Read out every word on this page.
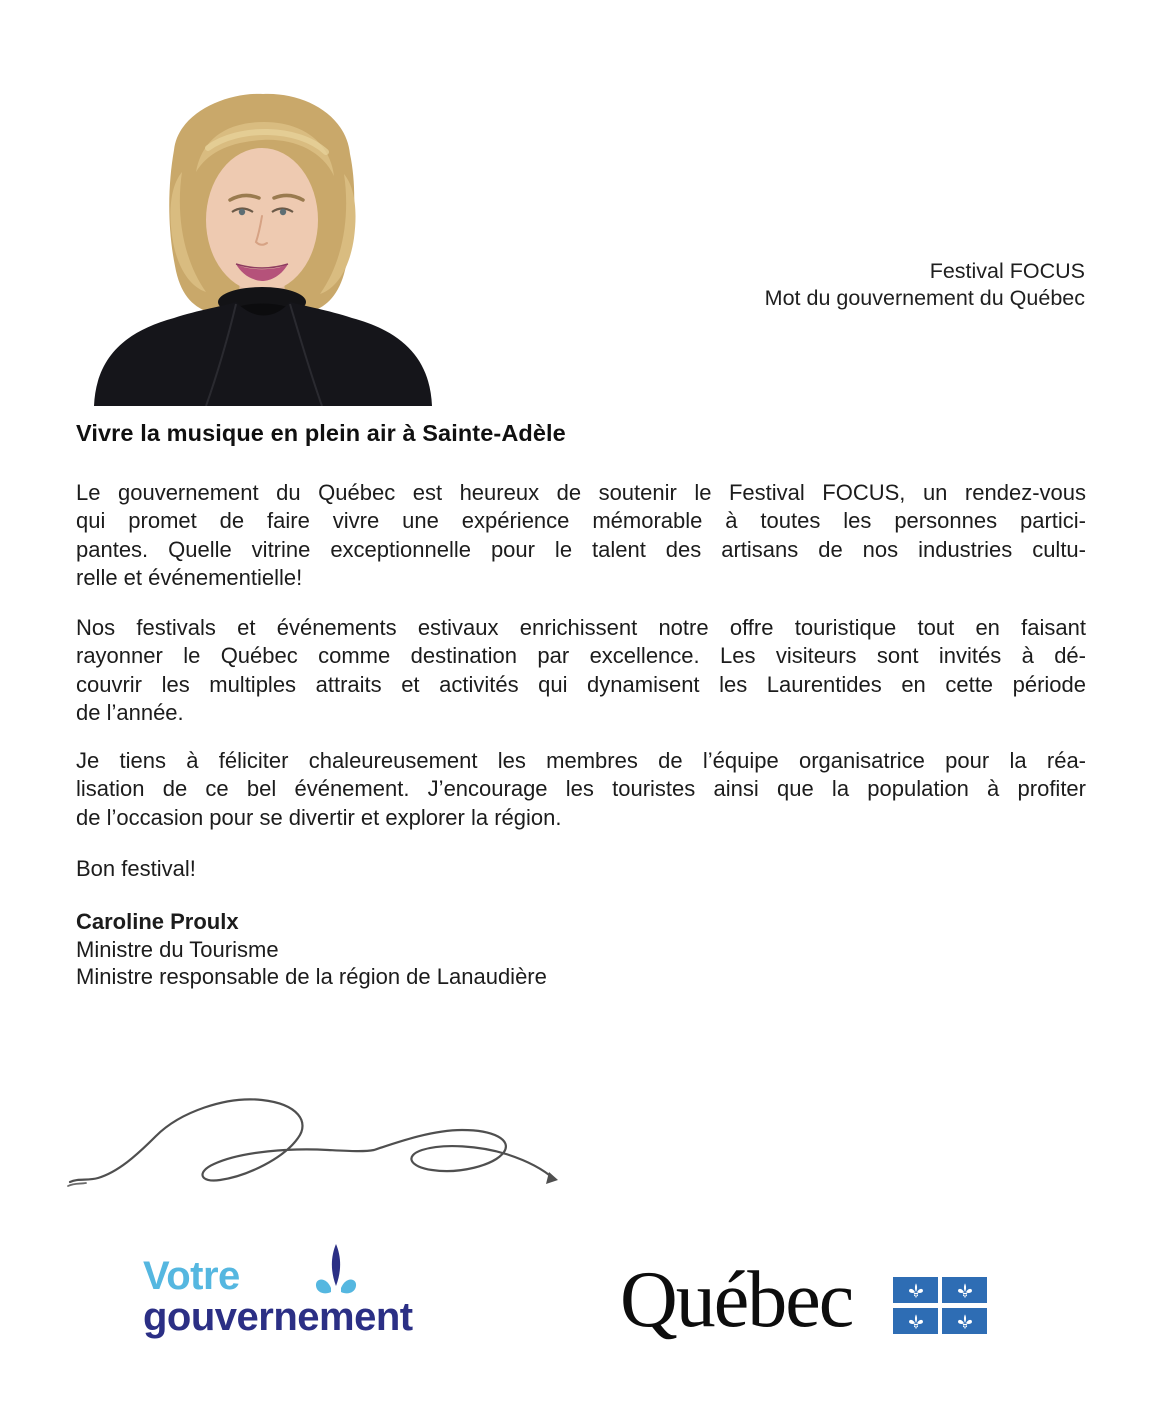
Festival FOCUS
Mot du gouvernement du Québec
Vivre la musique en plein air à Sainte-Adèle
Le gouvernement du Québec est heureux de soutenir le Festival FOCUS, un rendez-vous
qui promet de faire vivre une expérience mémorable à toutes les personnes partici-
pantes. Quelle vitrine exceptionnelle pour le talent des artisans de nos industries cultu-
relle et événementielle!
Nos festivals et événements estivaux enrichissent notre offre touristique tout en faisant
rayonner le Québec comme destination par excellence. Les visiteurs sont invités à dé-
couvrir les multiples attraits et activités qui dynamisent les Laurentides en cette période
de l’année.
Je tiens à féliciter chaleureusement les membres de l’équipe organisatrice pour la réa-
lisation de ce bel événement. J’encourage les touristes ainsi que la population à profiter
de l’occasion pour se divertir et explorer la région.
Bon festival!
Caroline Proulx
Ministre du Tourisme
Ministre responsable de la région de Lanaudière
Votre
gouvernement	Québec
